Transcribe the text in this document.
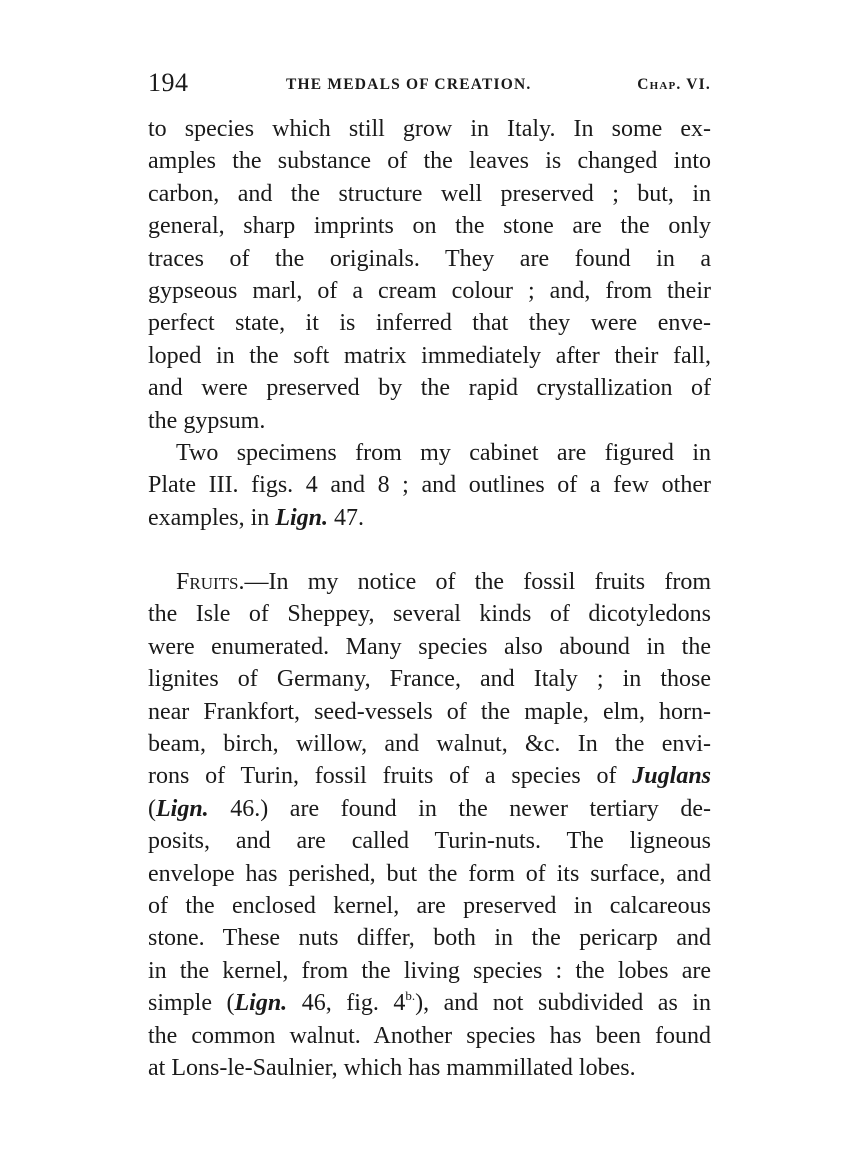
194	THE MEDALS OF CREATION.	Chap. VI.
to species which still grow in Italy. In some ex-
amples the substance of the leaves is changed into
carbon, and the structure well preserved ; but, in
general, sharp imprints on the stone are the only
traces of the originals. They are found in a
gypseous marl, of a cream colour ; and, from their
perfect state, it is inferred that they were enve-
loped in the soft matrix immediately after their fall,
and were preserved by the rapid crystallization of
the gypsum.
Two specimens from my cabinet are figured in
Plate III. figs. 4 and 8 ; and outlines of a few other
examples, in Lign. 47.
Fruits.—In my notice of the fossil fruits from
the Isle of Sheppey, several kinds of dicotyledons
were enumerated. Many species also abound in the
lignites of Germany, France, and Italy ; in those
near Frankfort, seed-vessels of the maple, elm, horn-
beam, birch, willow, and walnut, &c. In the envi-
rons of Turin, fossil fruits of a species of Juglans
(Lign. 46.) are found in the newer tertiary de-
posits, and are called Turin-nuts. The ligneous
envelope has perished, but the form of its surface, and
of the enclosed kernel, are preserved in calcareous
stone. These nuts differ, both in the pericarp and
in the kernel, from the living species : the lobes are
simple (Lign. 46, fig. $4^{b.}$), and not subdivided as in
the common walnut. Another species has been found
at Lons-le-Saulnier, which has mammillated lobes.
